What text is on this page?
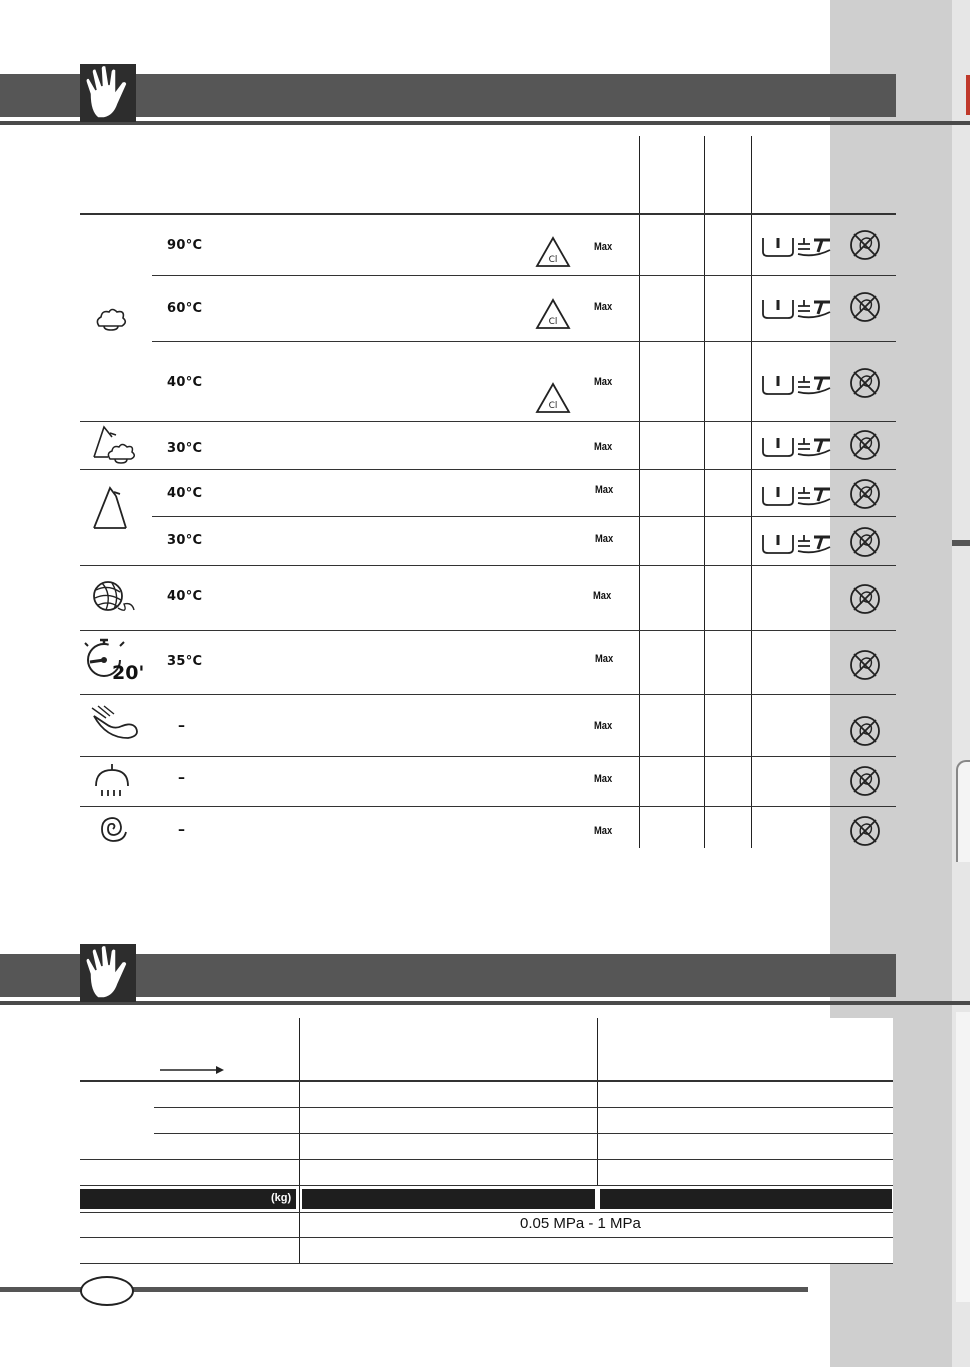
20'
90°C
60°C
40°C
30°C
40°C
30°C
40°C
35°C
–
–
–
Max
Max
Max
Max
Max
Max
Max
Max
Max
Max
Max
Cl
Cl
Cl
(kg)
0.05 MPa - 1 MPa
